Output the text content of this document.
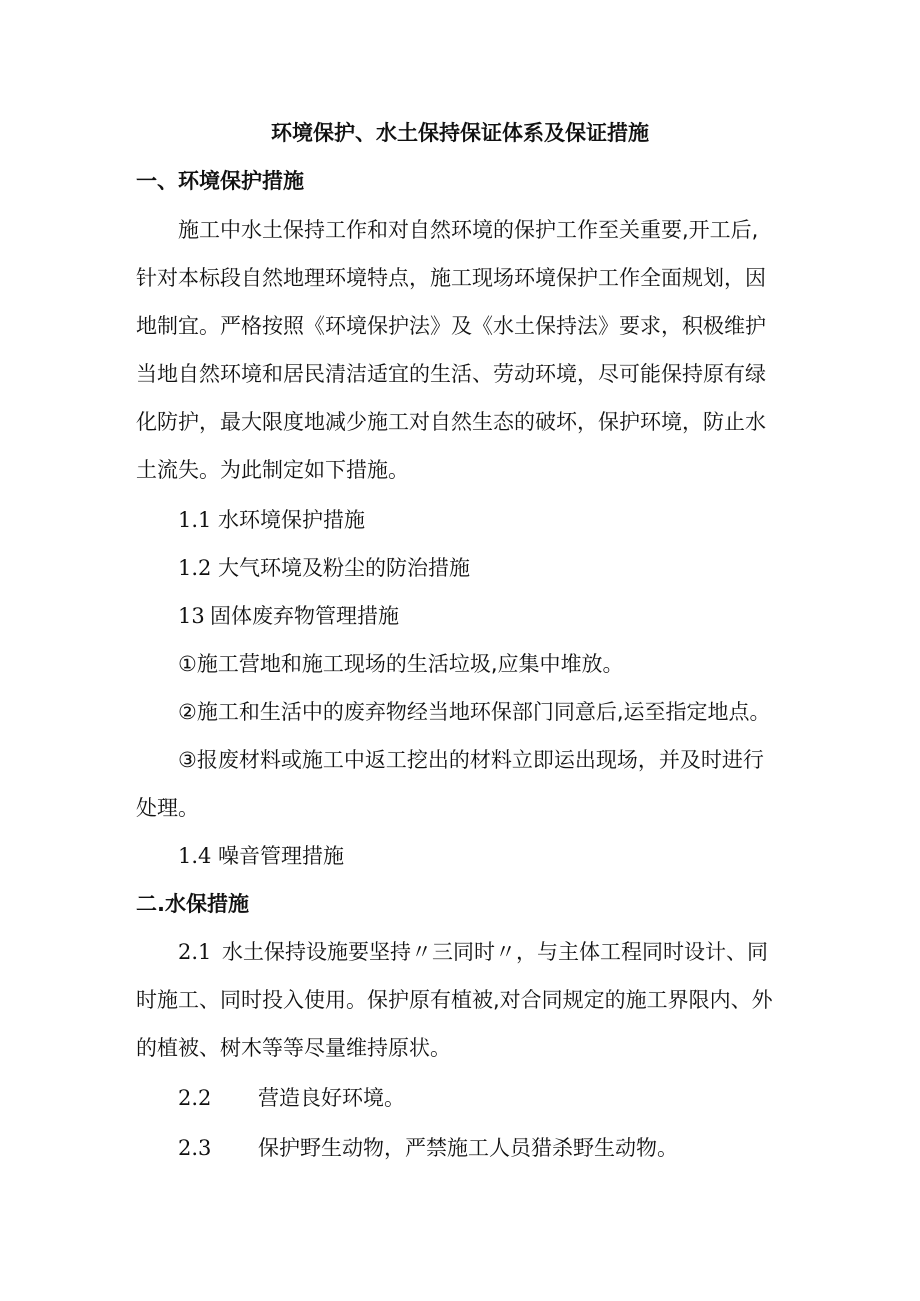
环境保护、水土保持保证体系及保证措施
一、环境保护措施
施工中水土保持工作和对自然环境的保护工作至关重要,开工后,
针对本标段自然地理环境特点，施工现场环境保护工作全面规划，因
地制宜。严格按照《环境保护法》及《水土保持法》要求，积极维护
当地自然环境和居民清洁适宜的生活、劳动环境，尽可能保持原有绿
化防护，最大限度地减少施工对自然生态的破坏，保护环境，防止水
土流失。为此制定如下措施。
1.1 水环境保护措施
1.2 大气环境及粉尘的防治措施
13 固体废弃物管理措施
①施工营地和施工现场的生活垃圾,应集中堆放。
②施工和生活中的废弃物经当地环保部门同意后,运至指定地点。
③报废材料或施工中返工挖出的材料立即运出现场，并及时进行
处理。
1.4 噪音管理措施
二.水保措施
2.1 水土保持设施要坚持〃三同时〃，与主体工程同时设计、同
时施工、同时投入使用。保护原有植被,对合同规定的施工界限内、外
的植被、树木等等尽量维持原状。
2.2 营造良好环境。
2.3 保护野生动物，严禁施工人员猎杀野生动物。
